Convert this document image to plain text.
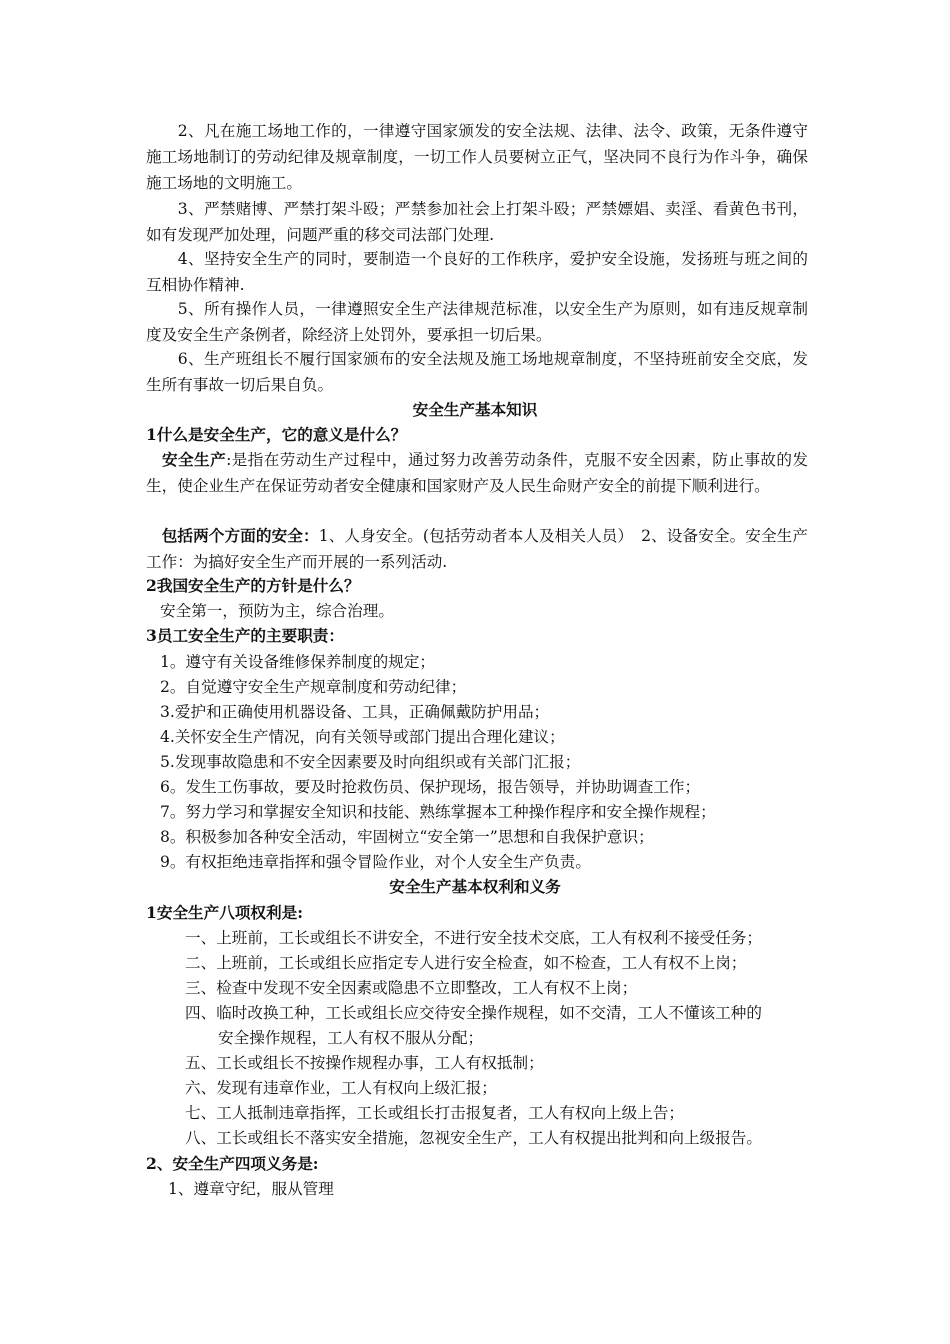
　　2、凡在施工场地工作的，一律遵守国家颁发的安全法规、法律、法令、政策，无条件遵守施工场地制订的劳动纪律及规章制度，一切工作人员要树立正气，坚决同不良行为作斗争，确保施工场地的文明施工。
　　3、严禁赌博、严禁打架斗殴；严禁参加社会上打架斗殴；严禁嫖娼、卖淫、看黄色书刊，如有发现严加处理，问题严重的移交司法部门处理.
　　4、坚持安全生产的同时，要制造一个良好的工作秩序，爱护安全设施，发扬班与班之间的互相协作精神.
　　5、所有操作人员，一律遵照安全生产法律规范标准，以安全生产为原则，如有违反规章制度及安全生产条例者，除经济上处罚外，要承担一切后果。
　　6、生产班组长不履行国家颁布的安全法规及施工场地规章制度，不坚持班前安全交底，发生所有事故一切后果自负。
安全生产基本知识
1什么是安全生产，它的意义是什么？
　安全生产:是指在劳动生产过程中，通过努力改善劳动条件，克服不安全因素，防止事故的发生，使企业生产在保证劳动者安全健康和国家财产及人民生命财产安全的前提下顺利进行。
　包括两个方面的安全：1、人身安全。(包括劳动者本人及相关人员）　2、设备安全。安全生产工作：为搞好安全生产而开展的一系列活动.
2我国安全生产的方针是什么？
安全第一，预防为主，综合治理。
3员工安全生产的主要职责：
1。遵守有关设备维修保养制度的规定；
2。自觉遵守安全生产规章制度和劳动纪律；
3.爱护和正确使用机器设备、工具，正确佩戴防护用品；
4.关怀安全生产情况，向有关领导或部门提出合理化建议；
5.发现事故隐患和不安全因素要及时向组织或有关部门汇报；
6。发生工伤事故，要及时抢救伤员、保护现场，报告领导，并协助调查工作；
7。努力学习和掌握安全知识和技能、熟练掌握本工种操作程序和安全操作规程；
8。积极参加各种安全活动，牢固树立“安全第一”思想和自我保护意识；
9。有权拒绝违章指挥和强令冒险作业，对个人安全生产负责。
安全生产基本权利和义务
1安全生产八项权利是:
一、上班前，工长或组长不讲安全，不进行安全技术交底，工人有权利不接受任务；
二、上班前，工长或组长应指定专人进行安全检查，如不检查，工人有权不上岗；
三、检查中发现不安全因素或隐患不立即整改，工人有权不上岗；
四、临时改换工种，工长或组长应交待安全操作规程，如不交清，工人不懂该工种的
安全操作规程，工人有权不服从分配；
五、工长或组长不按操作规程办事，工人有权抵制；
六、发现有违章作业，工人有权向上级汇报；
七、工人抵制违章指挥，工长或组长打击报复者，工人有权向上级上告；
八、工长或组长不落实安全措施，忽视安全生产，工人有权提出批判和向上级报告。
2、安全生产四项义务是:
1、遵章守纪，服从管理
